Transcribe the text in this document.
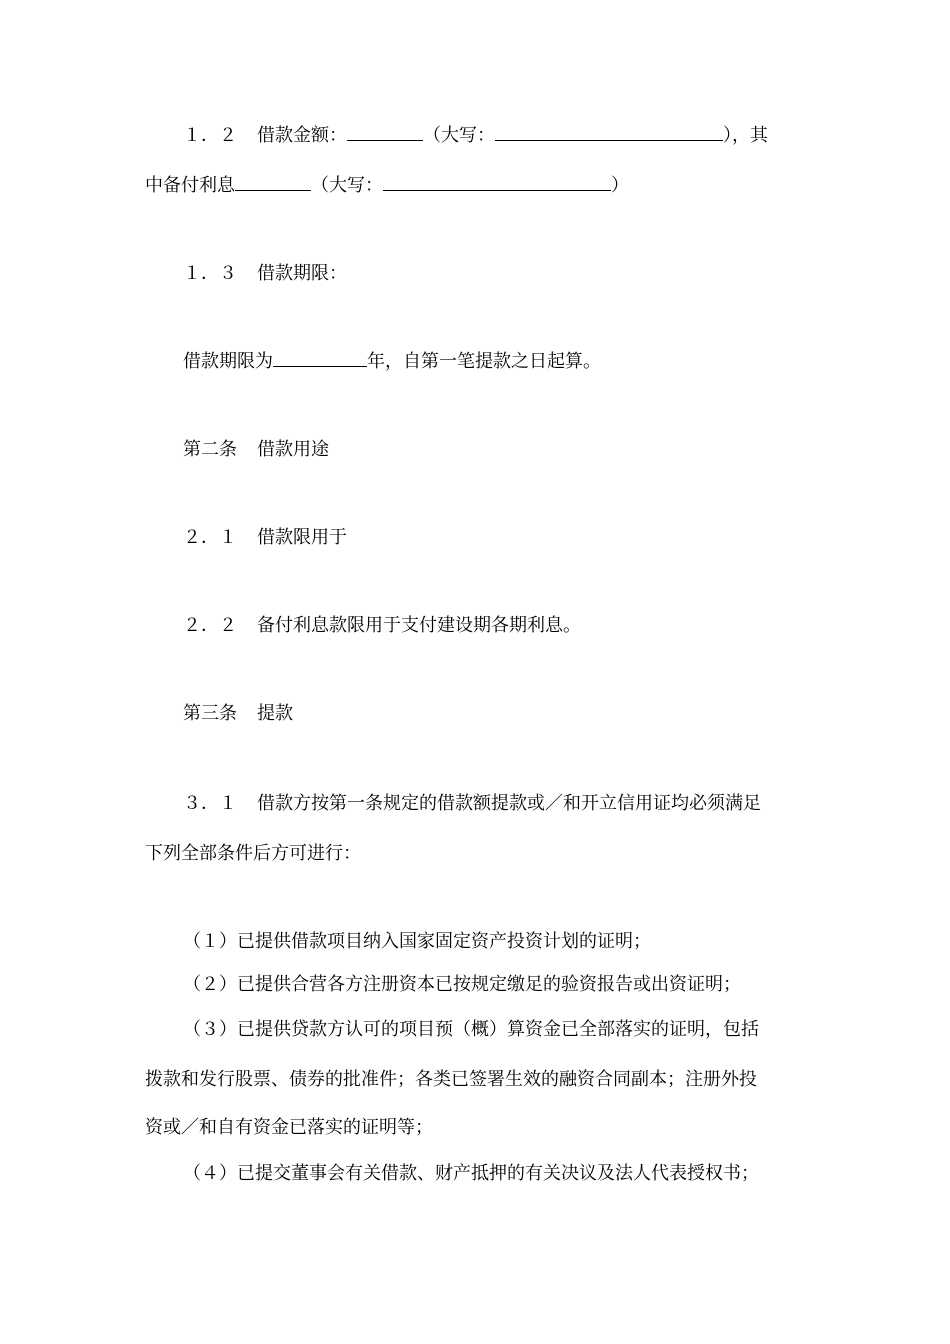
１．２ 借款金额：	（大写：	），其
中备付利息	（大写：	）
１．３ 借款期限：
借款期限为	年，自第一笔提款之日起算。
第二条 借款用途
２．１ 借款限用于
２．２ 备付利息款限用于支付建设期各期利息。
第三条 提款
３．１ 借款方按第一条规定的借款额提款或／和开立信用证均必须满足
下列全部条件后方可进行：
（１）已提供借款项目纳入国家固定资产投资计划的证明；
（２）已提供合营各方注册资本已按规定缴足的验资报告或出资证明；
（３）已提供贷款方认可的项目预（概）算资金已全部落实的证明，包括
拨款和发行股票、债券的批准件；各类已签署生效的融资合同副本；注册外投
资或／和自有资金已落实的证明等；
（４）已提交董事会有关借款、财产抵押的有关决议及法人代表授权书；
